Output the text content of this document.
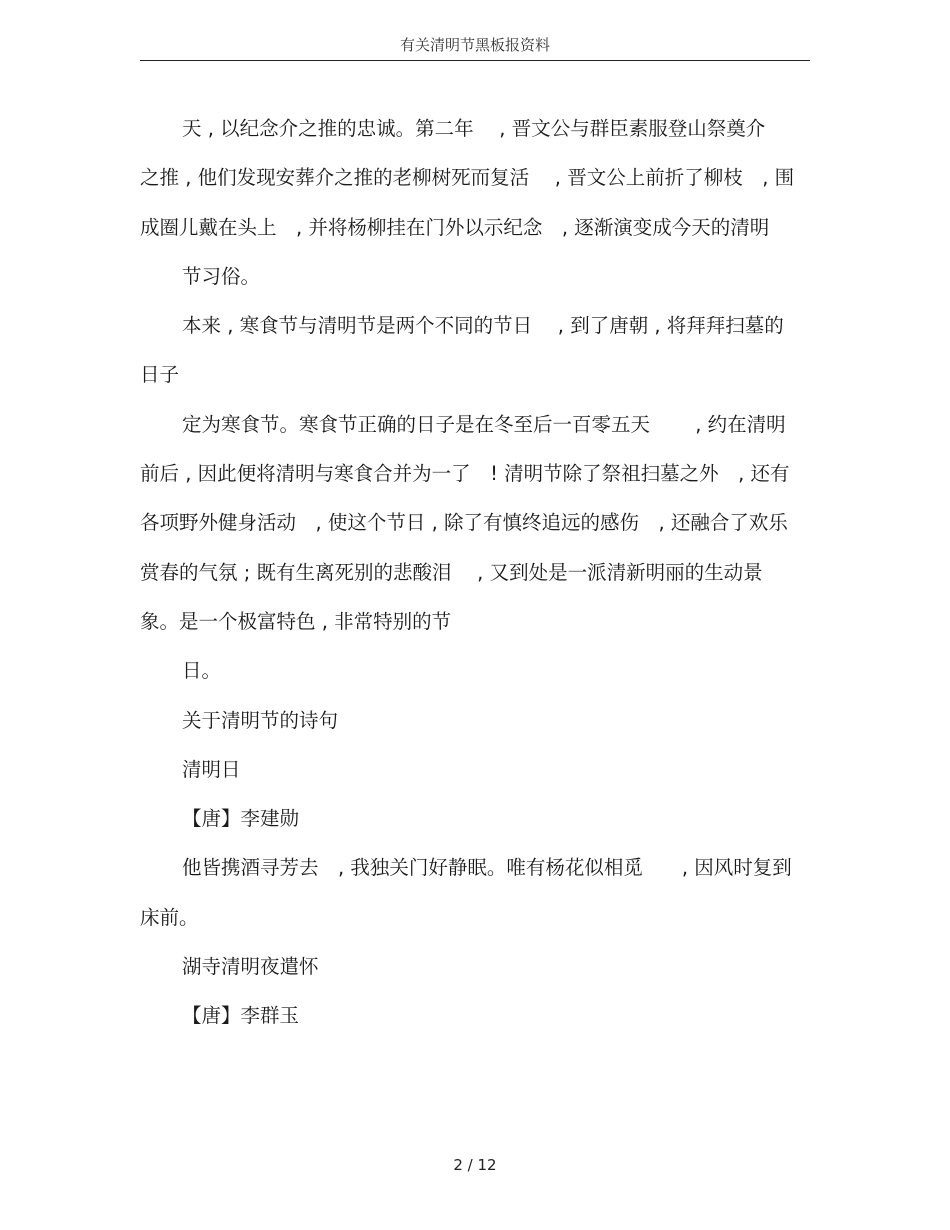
有关清明节黑板报资料

天 , 以纪念介之推的忠诚。第二年　 , 晋文公与群臣素服登山祭奠介

之推 , 他们发现安葬介之推的老柳树死而复活　 , 晋文公上前折了柳枝　, 围

成圈儿戴在头上　, 并将杨柳挂在门外以示纪念　, 逐渐演变成今天的清明

节习俗。

本来 , 寒食节与清明节是两个不同的节日　 , 到了唐朝 , 将拜拜扫墓的

日子

定为寒食节。寒食节正确的日子是在冬至后一百零五天　　 , 约在清明

前后 , 因此便将清明与寒食合并为一了　! 清明节除了祭祖扫墓之外　, 还有

各项野外健身活动　, 使这个节日 , 除了有慎终追远的感伤　, 还融合了欢乐

赏春的气氛 ; 既有生离死别的悲酸泪　 , 又到处是一派清新明丽的生动景

象。是一个极富特色 , 非常特别的节

日。

关于清明节的诗句

清明日

【唐】李建勋

他皆携酒寻芳去　, 我独关门好静眠。唯有杨花似相觅　　, 因风时复到

床前。

湖寺清明夜遣怀

【唐】李群玉

2 / 12
